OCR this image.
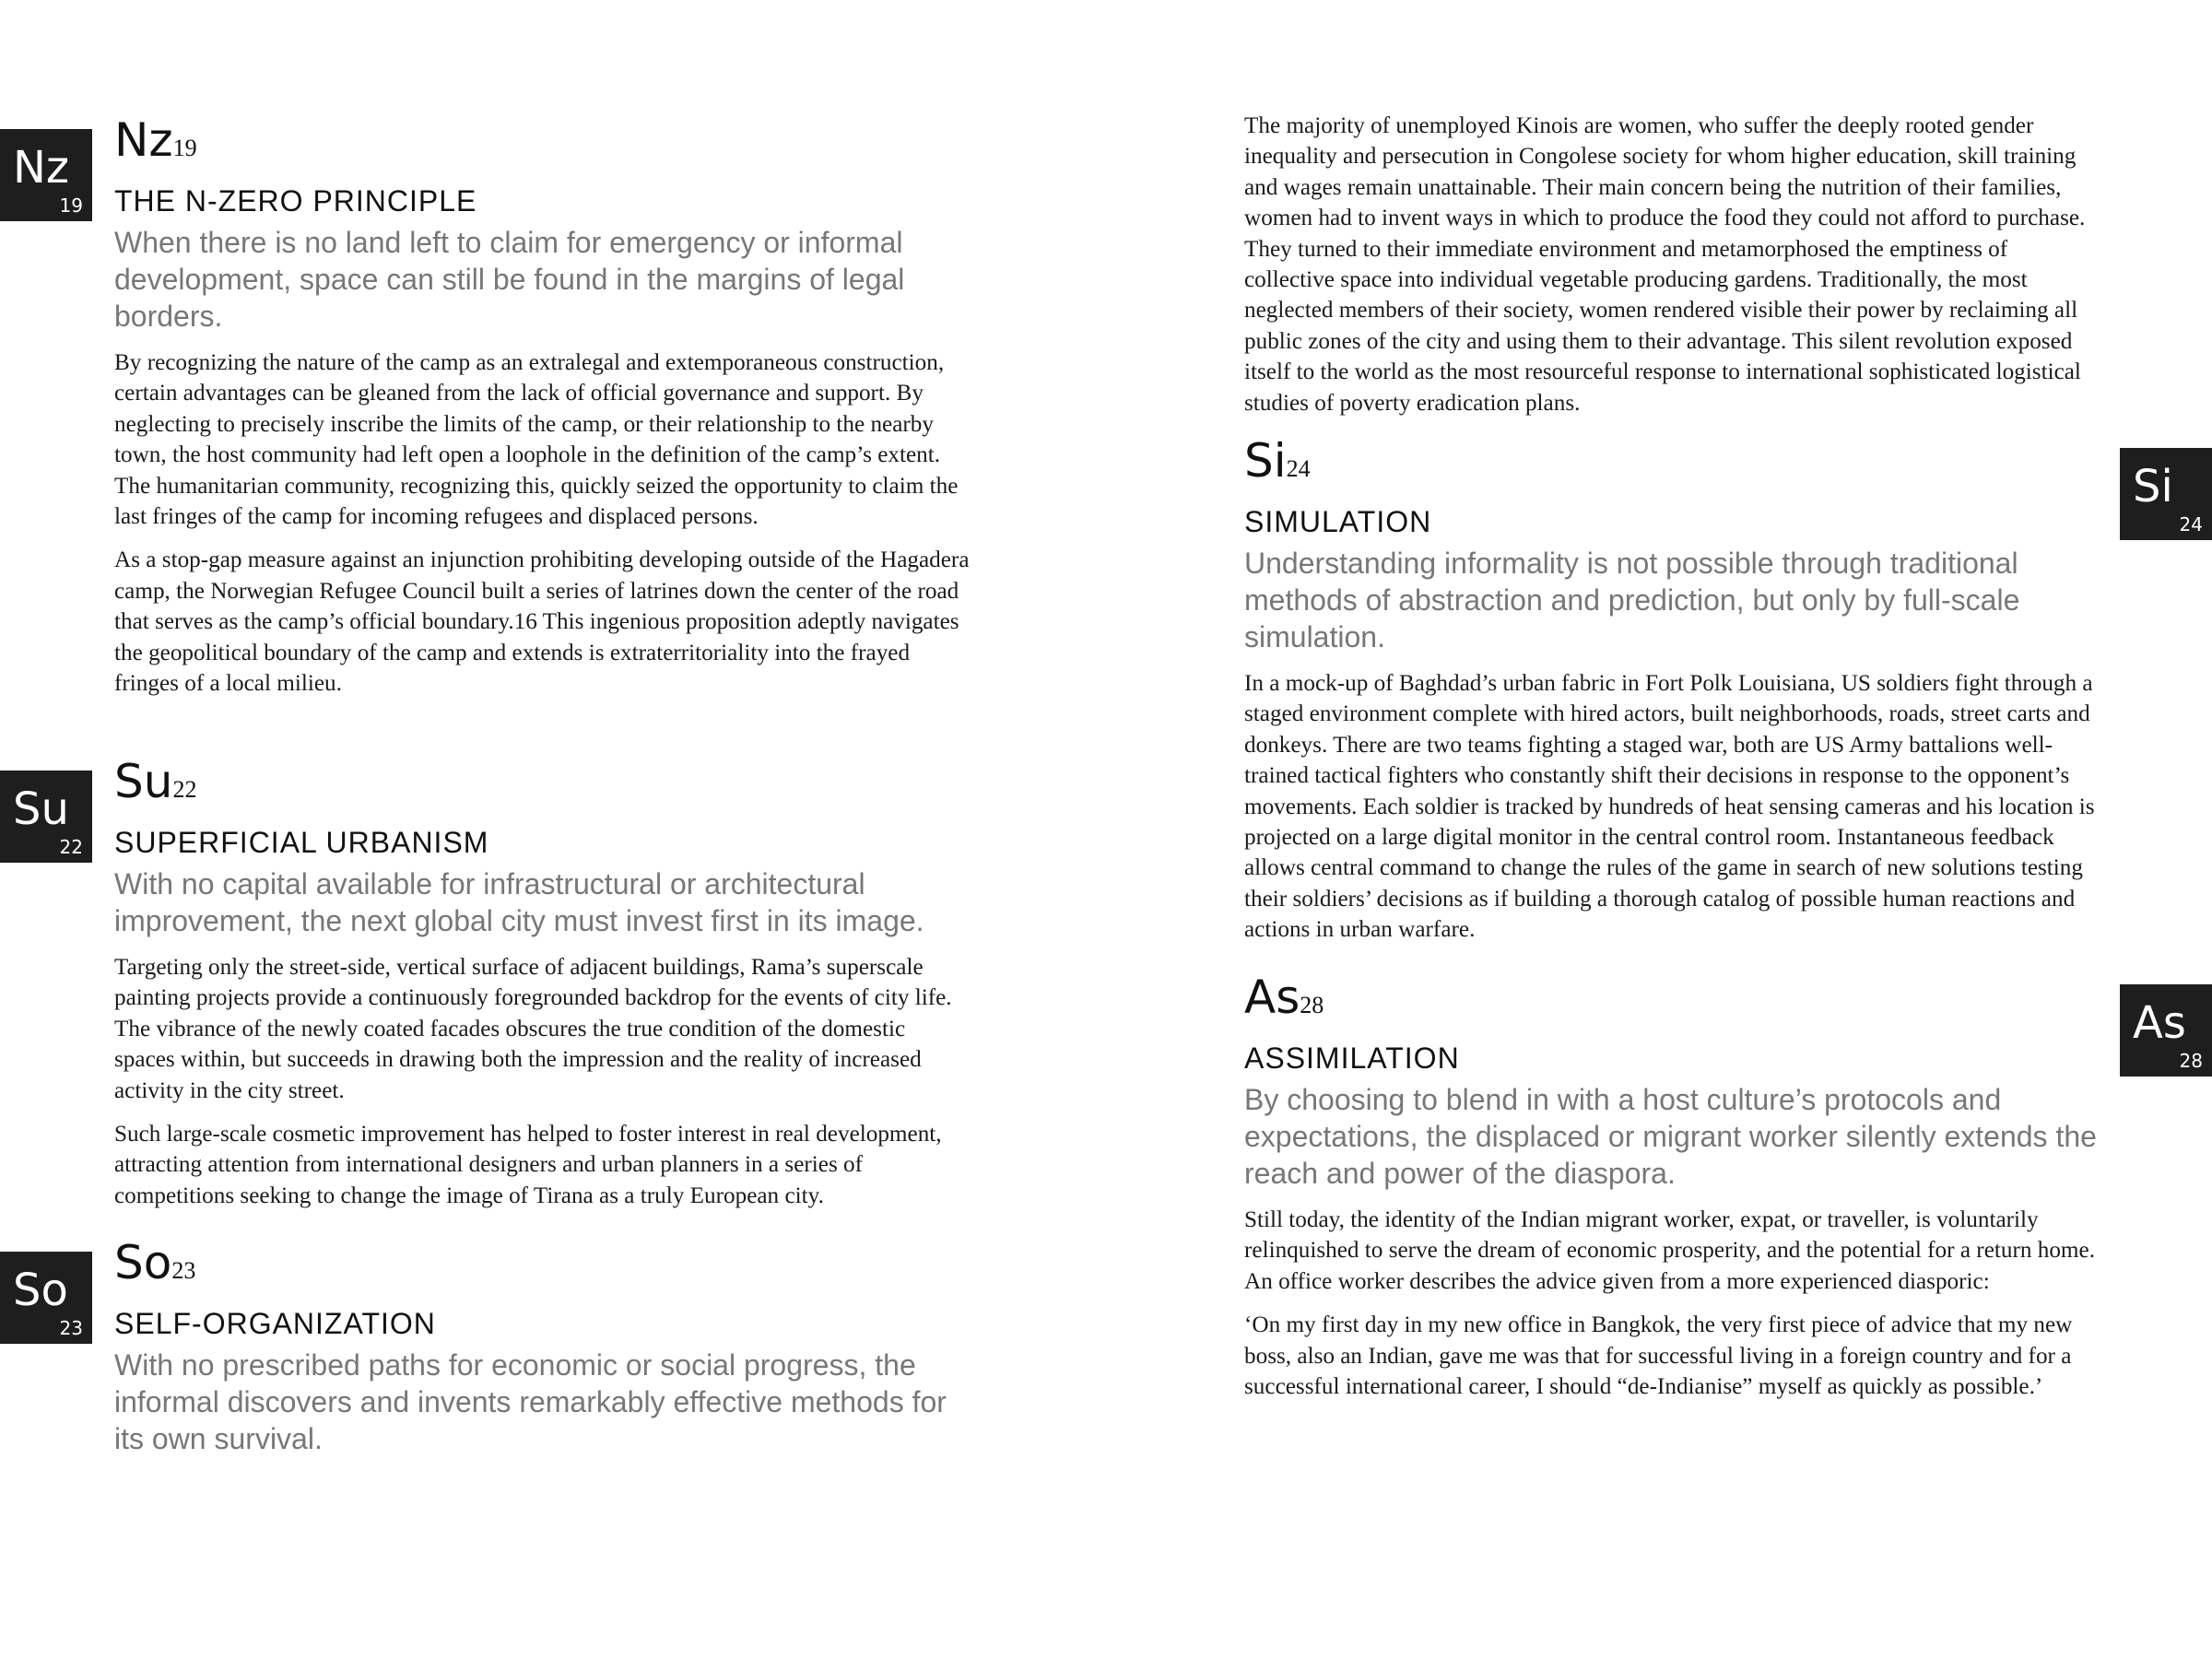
Nz
19
Su
22
So
23
Si
24
As
28
Nz19
THE N-ZERO PRINCIPLE
When there is no land left to claim for emergency or informal development, space can still be found in the margins of legal borders.

By recognizing the nature of the camp as an extralegal and extemporaneous construction, certain advantages can be gleaned from the lack of official governance and support. By neglecting to precisely inscribe the limits of the camp, or their relationship to the nearby town, the host community had left open a loophole in the definition of the camp’s extent. The humanitarian community, recognizing this, quickly seized the opportunity to claim the last fringes of the camp for incoming refugees and displaced persons.

As a stop-gap measure against an injunction prohibiting developing outside of the Hagadera camp, the Norwegian Refugee Council built a series of latrines down the center of the road that serves as the camp’s official boundary.16 This ingenious proposition adeptly navigates the geopolitical boundary of the camp and extends is extraterritoriality into the frayed fringes of a local milieu.

Su22
SUPERFICIAL URBANISM
With no capital available for infrastructural or architectural improvement, the next global city must invest first in its image.

Targeting only the street-side, vertical surface of adjacent buildings, Rama’s superscale painting projects provide a continuously foregrounded backdrop for the events of city life. The vibrance of the newly coated facades obscures the true condition of the domestic spaces within, but succeeds in drawing both the impression and the reality of increased activity in the city street.

Such large-scale cosmetic improvement has helped to foster interest in real development, attracting attention from international designers and urban planners in a series of competitions seeking to change the image of Tirana as a truly European city.

So23
SELF-ORGANIZATION
With no prescribed paths for economic or social progress, the informal discovers and invents remarkably effective methods for its own survival.

The majority of unemployed Kinois are women, who suffer the deeply rooted gender inequality and persecution in Congolese society for whom higher education, skill training and wages remain unattainable. Their main concern being the nutrition of their families, women had to invent ways in which to produce the food they could not afford to purchase. They turned to their immediate environment and metamorphosed the emptiness of collective space into individual vegetable producing gardens. Traditionally, the most neglected members of their society, women rendered visible their power by reclaiming all public zones of the city and using them to their advantage. This silent revolution exposed itself to the world as the most resourceful response to international sophisticated logistical studies of poverty eradication plans.

Si24
SIMULATION
Understanding informality is not possible through traditional methods of abstraction and prediction, but only by full-scale simulation.

In a mock-up of Baghdad’s urban fabric in Fort Polk Louisiana, US soldiers fight through a staged environment complete with hired actors, built neighborhoods, roads, street carts and donkeys. There are two teams fighting a staged war, both are US Army battalions well-trained tactical fighters who constantly shift their decisions in response to the opponent’s movements. Each soldier is tracked by hundreds of heat sensing cameras and his location is projected on a large digital monitor in the central control room. Instantaneous feedback allows central command to change the rules of the game in search of new solutions testing their soldiers’ decisions as if building a thorough catalog of possible human reactions and actions in urban warfare.

As28
ASSIMILATION
By choosing to blend in with a host culture’s protocols and expectations, the displaced or migrant worker silently extends the reach and power of the diaspora.

Still today, the identity of the Indian migrant worker, expat, or traveller, is voluntarily relinquished to serve the dream of economic prosperity, and the potential for a return home. An office worker describes the advice given from a more experienced diasporic:

‘On my first day in my new office in Bangkok, the very first piece of advice that my new boss, also an Indian, gave me was that for successful living in a foreign country and for a successful international career, I should “de-Indianise” myself as quickly as possible.’
